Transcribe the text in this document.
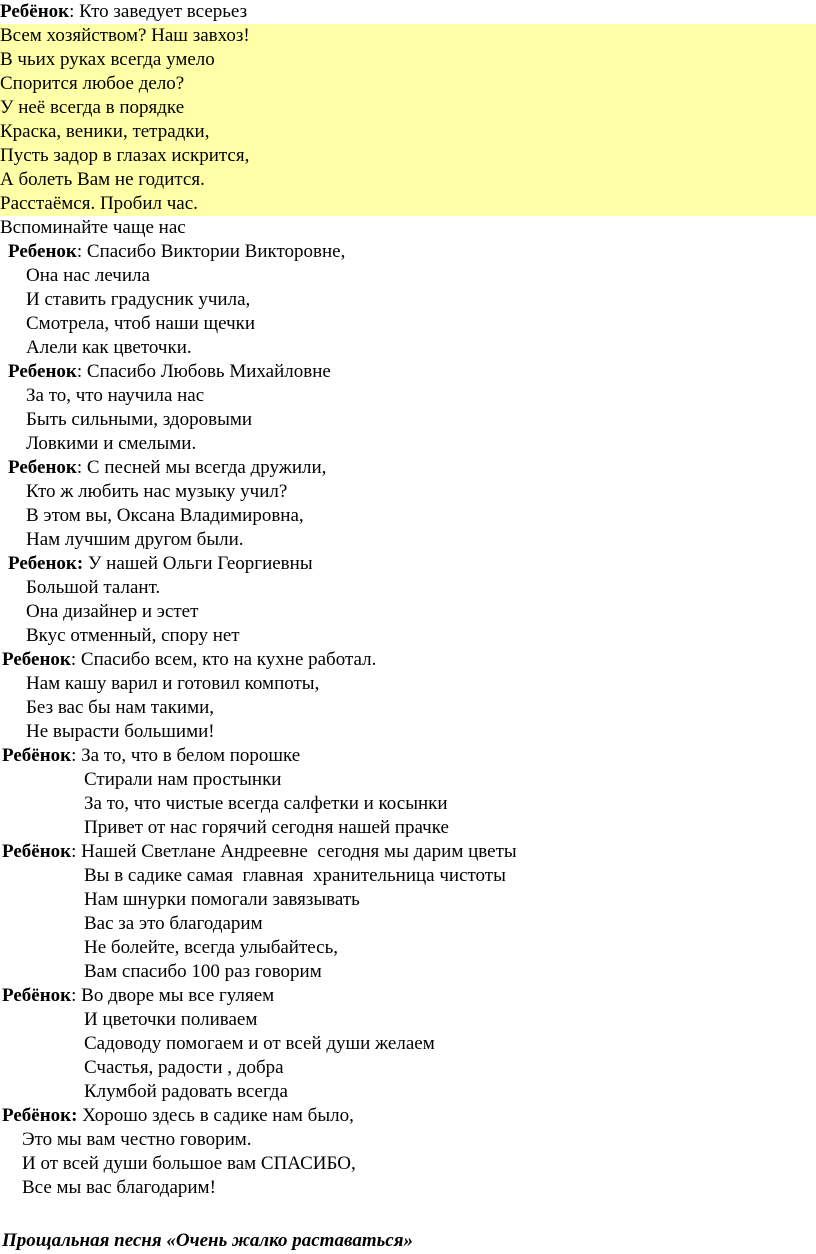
Ребёнок: Кто заведует всерьез
Всем хозяйством? Наш завхоз!
В чьих руках всегда умело
Спорится любое дело?
У неё всегда в порядке
Краска, веники, тетрадки,
Пусть задор в глазах искрится,
А болеть Вам не годится.
Расстаёмся. Пробил час.
Вспоминайте чаще нас
Ребенок: Спасибо Виктории Викторовне,
Она нас лечила
И ставить градусник учила,
Смотрела, чтоб наши щечки
Алели как цветочки.
Ребенок: Спасибо Любовь Михайловне
За то, что научила нас
Быть сильными, здоровыми
Ловкими и смелыми.
Ребенок: С песней мы всегда дружили,
Кто ж любить нас музыку учил?
В этом вы, Оксана Владимировна,
Нам лучшим другом были.
Ребенок: У нашей Ольги Георгиевны
Большой талант.
Она дизайнер и эстет
Вкус отменный, спору нет
Ребенок: Спасибо всем, кто на кухне работал.
Нам кашу варил и готовил компоты,
Без вас бы нам такими,
Не вырасти большими!
Ребёнок: За то, что в белом порошке
Стирали нам простынки
За то, что чистые всегда салфетки и косынки
Привет от нас горячий сегодня нашей прачке
Ребёнок: Нашей Светлане Андреевне  сегодня мы дарим цветы
Вы в садике самая  главная  хранительница чистоты
Нам шнурки помогали завязывать
Вас за это благодарим
Не болейте, всегда улыбайтесь,
Вам спасибо 100 раз говорим
Ребёнок: Во дворе мы все гуляем
И цветочки поливаем
Садоводу помогаем и от всей души желаем
Счастья, радости , добра
Клумбой радовать всегда
Ребёнок: Хорошо здесь в садике нам было,
Это мы вам честно говорим.
И от всей души большое вам СПАСИБО,
Все мы вас благодарим!
Прощальная песня «Очень жалко раставаться»
